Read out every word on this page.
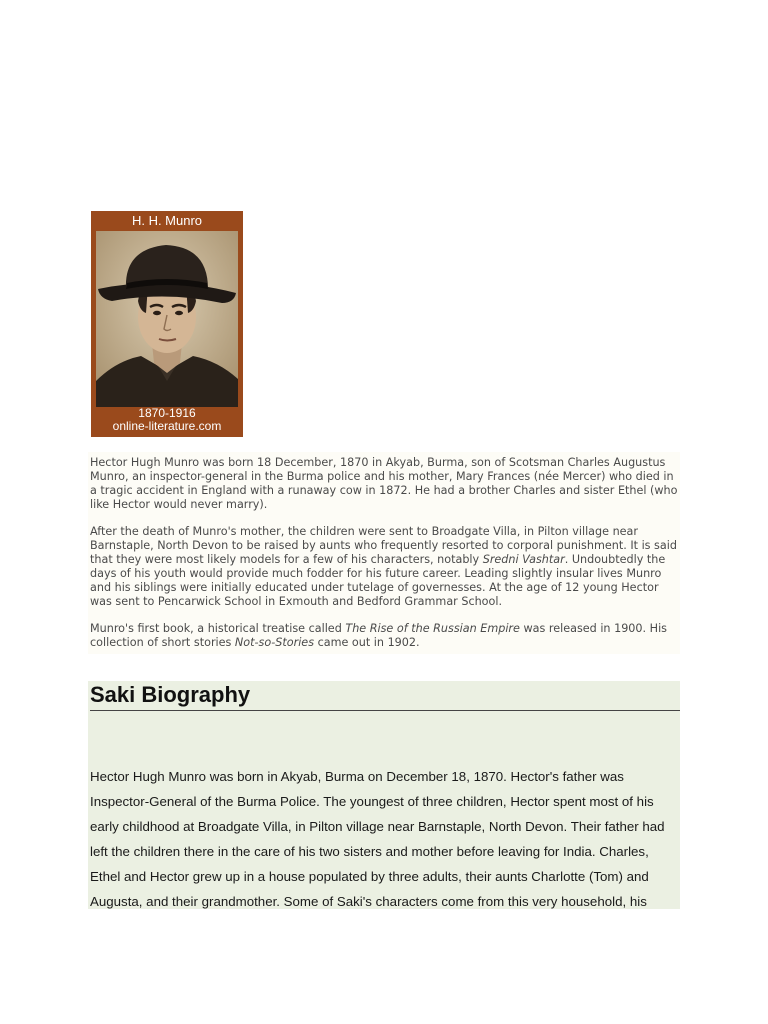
H. H. Munro
1870-1916
online-literature.com

Hector Hugh Munro was born 18 December, 1870 in Akyab, Burma, son of Scotsman Charles Augustus Munro, an inspector-general in the Burma police and his mother, Mary Frances (née Mercer) who died in a tragic accident in England with a runaway cow in 1872. He had a brother Charles and sister Ethel (who like Hector would never marry).

After the death of Munro's mother, the children were sent to Broadgate Villa, in Pilton village near Barnstaple, North Devon to be raised by aunts who frequently resorted to corporal punishment. It is said that they were most likely models for a few of his characters, notably Sredni Vashtar. Undoubtedly the days of his youth would provide much fodder for his future career. Leading slightly insular lives Munro and his siblings were initially educated under tutelage of governesses. At the age of 12 young Hector was sent to Pencarwick School in Exmouth and Bedford Grammar School.

Munro's first book, a historical treatise called The Rise of the Russian Empire was released in 1900. His collection of short stories Not-so-Stories came out in 1902.

Saki Biography

Hector Hugh Munro was born in Akyab, Burma on December 18, 1870. Hector's father was Inspector-General of the Burma Police. The youngest of three children, Hector spent most of his early childhood at Broadgate Villa, in Pilton village near Barnstaple, North Devon. Their father had left the children there in the care of his two sisters and mother before leaving for India. Charles, Ethel and Hector grew up in a house populated by three adults, their aunts Charlotte (Tom) and Augusta, and their grandmother. Some of Saki's characters come from this very household, his
